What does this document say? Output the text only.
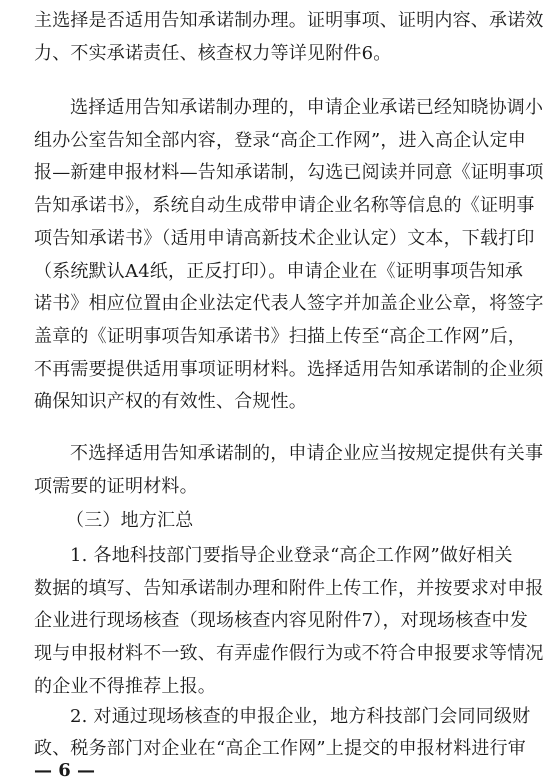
主选择是否适用告知承诺制办理。证明事项、证明内容、承诺效
力、不实承诺责任、核查权力等详见附件6。
选择适用告知承诺制办理的，申请企业承诺已经知晓协调小
组办公室告知全部内容，登录“高企工作网”，进入高企认定申
报—新建申报材料—告知承诺制，勾选已阅读并同意《证明事项
告知承诺书》，系统自动生成带申请企业名称等信息的《证明事
项告知承诺书》（适用申请高新技术企业认定）文本，下载打印
（系统默认A4纸，正反打印）。申请企业在《证明事项告知承
诺书》相应位置由企业法定代表人签字并加盖企业公章，将签字
盖章的《证明事项告知承诺书》扫描上传至“高企工作网”后，
不再需要提供适用事项证明材料。选择适用告知承诺制的企业须
确保知识产权的有效性、合规性。
不选择适用告知承诺制的，申请企业应当按规定提供有关事
项需要的证明材料。
（三）地方汇总
1. 各地科技部门要指导企业登录“高企工作网”做好相关
数据的填写、告知承诺制办理和附件上传工作，并按要求对申报
企业进行现场核查（现场核查内容见附件7），对现场核查中发
现与申报材料不一致、有弄虚作假行为或不符合申报要求等情况
的企业不得推荐上报。
2. 对通过现场核查的申报企业，地方科技部门会同同级财
政、税务部门对企业在“高企工作网”上提交的申报材料进行审
— 6 —
